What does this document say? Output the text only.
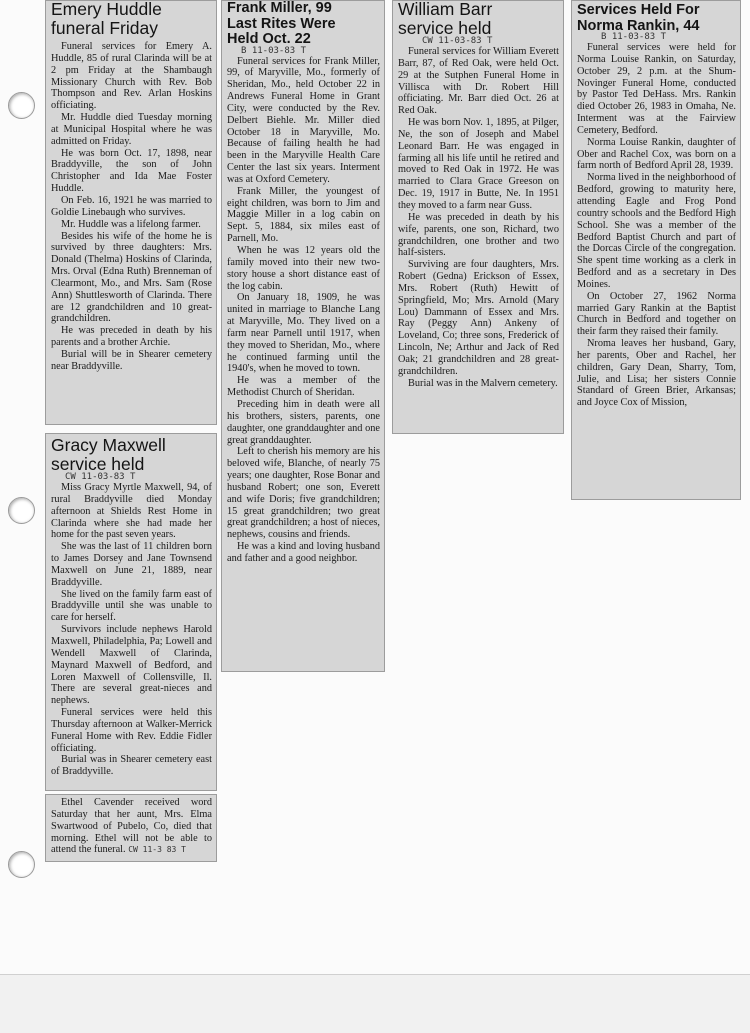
Emery Huddle
funeral Friday

Funeral services for Emery A. Huddle, 85 of rural Clarinda will be at 2 pm Friday at the Shambaugh Missionary Church with Rev. Bob Thompson and Rev. Arlan Hoskins officiating.

Mr. Huddle died Tuesday morning at Municipal Hospital where he was admitted on Friday.

He was born Oct. 17, 1898, near Braddyville, the son of John Christopher and Ida Mae Foster Huddle.

On Feb. 16, 1921 he was married to Goldie Linebaugh who survives.

Mr. Huddle was a lifelong farmer.

Besides his wife of the home he is survived by three daughters: Mrs. Donald (Thelma) Hoskins of Clarinda, Mrs. Orval (Edna Ruth) Brenneman of Clearmont, Mo., and Mrs. Sam (Rose Ann) Shuttlesworth of Clarinda. There are 12 grandchildren and 10 great-grandchildren.

He was preceded in death by his parents and a brother Archie.

Burial will be in Shearer cemetery near Braddyville.

Gracy Maxwell
service held
CW 11-03-83 T

Miss Gracy Myrtle Maxwell, 94, of rural Braddyville died Monday afternoon at Shields Rest Home in Clarinda where she had made her home for the past seven years.

She was the last of 11 children born to James Dorsey and Jane Townsend Maxwell on June 21, 1889, near Braddyville.

She lived on the family farm east of Braddyville until she was unable to care for herself.

Survivors include nephews Harold Maxwell, Philadelphia, Pa; Lowell and Wendell Maxwell of Clarinda, Maynard Maxwell of Bedford, and Loren Maxwell of Collensville, Il. There are several great-nieces and nephews.

Funeral services were held this Thursday afternoon at Walker-Merrick Funeral Home with Rev. Eddie Fidler officiating.

Burial was in Shearer cemetery east of Braddyville.

Ethel Cavender received word Saturday that her aunt, Mrs. Elma Swartwood of Pubelo, Co, died that morning. Ethel will not be able to attend the funeral. CW 11-3 83 T

Frank Miller, 99
Last Rites Were
Held Oct. 22
B 11-03-83 T

Funeral services for Frank Miller, 99, of Maryville, Mo., formerly of Sheridan, Mo., held October 22 in Andrews Funeral Home in Grant City, were conducted by the Rev. Delbert Biehle. Mr. Miller died October 18 in Maryville, Mo. Because of failing health he had been in the Maryville Health Care Center the last six years. Interment was at Oxford Cemetery.

Frank Miller, the youngest of eight children, was born to Jim and Maggie Miller in a log cabin on Sept. 5, 1884, six miles east of Parnell, Mo.

When he was 12 years old the family moved into their new two-story house a short distance east of the log cabin.

On January 18, 1909, he was united in marriage to Blanche Lang at Maryville, Mo. They lived on a farm near Parnell until 1917, when they moved to Sheridan, Mo., where he continued farming until the 1940's, when he moved to town.

He was a member of the Methodist Church of Sheridan.

Preceding him in death were all his brothers, sisters, parents, one daughter, one granddaughter and one great granddaughter.

Left to cherish his memory are his beloved wife, Blanche, of nearly 75 years; one daughter, Rose Bonar and husband Robert; one son, Everett and wife Doris; five grandchildren; 15 great grandchildren; two great great grandchildren; a host of nieces, nephews, cousins and friends.

He was a kind and loving husband and father and a good neighbor.

William Barr
service held
CW 11-03-83 T

Funeral services for William Everett Barr, 87, of Red Oak, were held Oct. 29 at the Sutphen Funeral Home in Villisca with Dr. Robert Hill officiating. Mr. Barr died Oct. 26 at Red Oak.

He was born Nov. 1, 1895, at Pilger, Ne, the son of Joseph and Mabel Leonard Barr. He was engaged in farming all his life until he retired and moved to Red Oak in 1972. He was married to Clara Grace Greeson on Dec. 19, 1917 in Butte, Ne. In 1951 they moved to a farm near Guss.

He was preceded in death by his wife, parents, one son, Richard, two grandchildren, one brother and two half-sisters.

Surviving are four daughters, Mrs. Robert (Gedna) Erickson of Essex, Mrs. Robert (Ruth) Hewitt of Springfield, Mo; Mrs. Arnold (Mary Lou) Dammann of Essex and Mrs. Ray (Peggy Ann) Ankeny of Loveland, Co; three sons, Frederick of Lincoln, Ne; Arthur and Jack of Red Oak; 21 grandchildren and 28 great-grandchildren.

Burial was in the Malvern cemetery.

Services Held For
Norma Rankin, 44
B 11-03-83 T

Funeral services were held for Norma Louise Rankin, on Saturday, October 29, 2 p.m. at the Shum-Novinger Funeral Home, conducted by Pastor Ted DeHass. Mrs. Rankin died October 26, 1983 in Omaha, Ne. Interment was at the Fairview Cemetery, Bedford.

Norma Louise Rankin, daughter of Ober and Rachel Cox, was born on a farm north of Bedford April 28, 1939.

Norma lived in the neighborhood of Bedford, growing to maturity here, attending Eagle and Frog Pond country schools and the Bedford High School. She was a member of the Bedford Baptist Church and part of the Dorcas Circle of the congregation. She spent time working as a clerk in Bedford and as a secretary in Des Moines.

On October 27, 1962 Norma married Gary Rankin at the Baptist Church in Bedford and together on their farm they raised their family.

Nroma leaves her husband, Gary, her parents, Ober and Rachel, her children, Gary Dean, Sharry, Tom, Julie, and Lisa; her sisters Connie Standard of Green Brier, Arkansas; and Joyce Cox of Mission,
